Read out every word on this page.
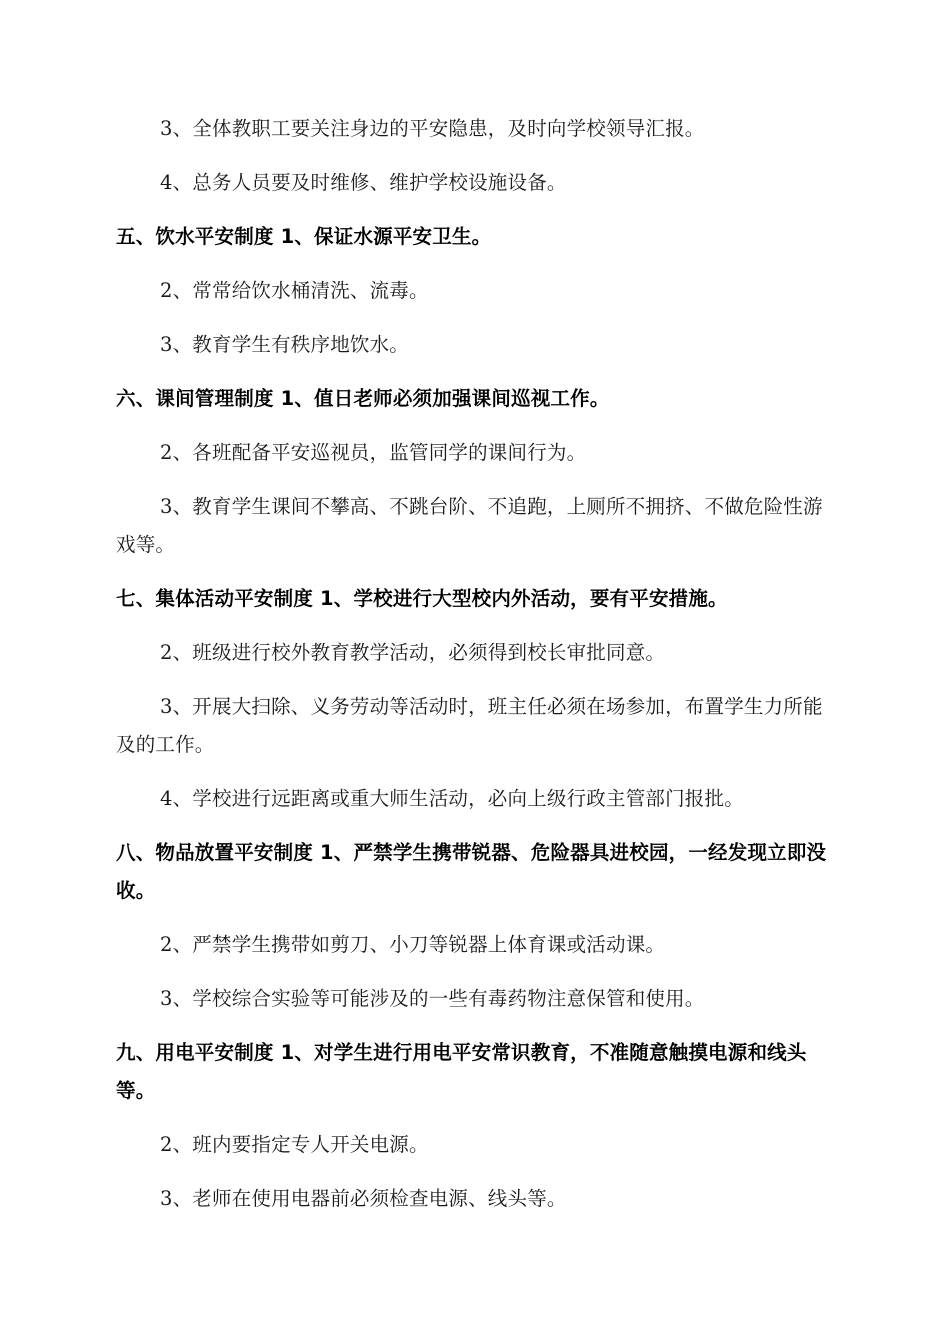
3、全体教职工要关注身边的平安隐患，及时向学校领导汇报。

4、总务人员要及时维修、维护学校设施设备。

五、饮水平安制度 1、保证水源平安卫生。

2、常常给饮水桶清洗、流毒。

3、教育学生有秩序地饮水。

六、课间管理制度 1、值日老师必须加强课间巡视工作。

2、各班配备平安巡视员，监管同学的课间行为。

3、教育学生课间不攀高、不跳台阶、不追跑，上厕所不拥挤、不做危险性游戏等。

七、集体活动平安制度 1、学校进行大型校内外活动，要有平安措施。

2、班级进行校外教育教学活动，必须得到校长审批同意。

3、开展大扫除、义务劳动等活动时，班主任必须在场参加，布置学生力所能及的工作。

4、学校进行远距离或重大师生活动，必向上级行政主管部门报批。

八、物品放置平安制度 1、严禁学生携带锐器、危险器具进校园，一经发现立即没收。

2、严禁学生携带如剪刀、小刀等锐器上体育课或活动课。

3、学校综合实验等可能涉及的一些有毒药物注意保管和使用。

九、用电平安制度 1、对学生进行用电平安常识教育，不准随意触摸电源和线头等。

2、班内要指定专人开关电源。

3、老师在使用电器前必须检查电源、线头等。
